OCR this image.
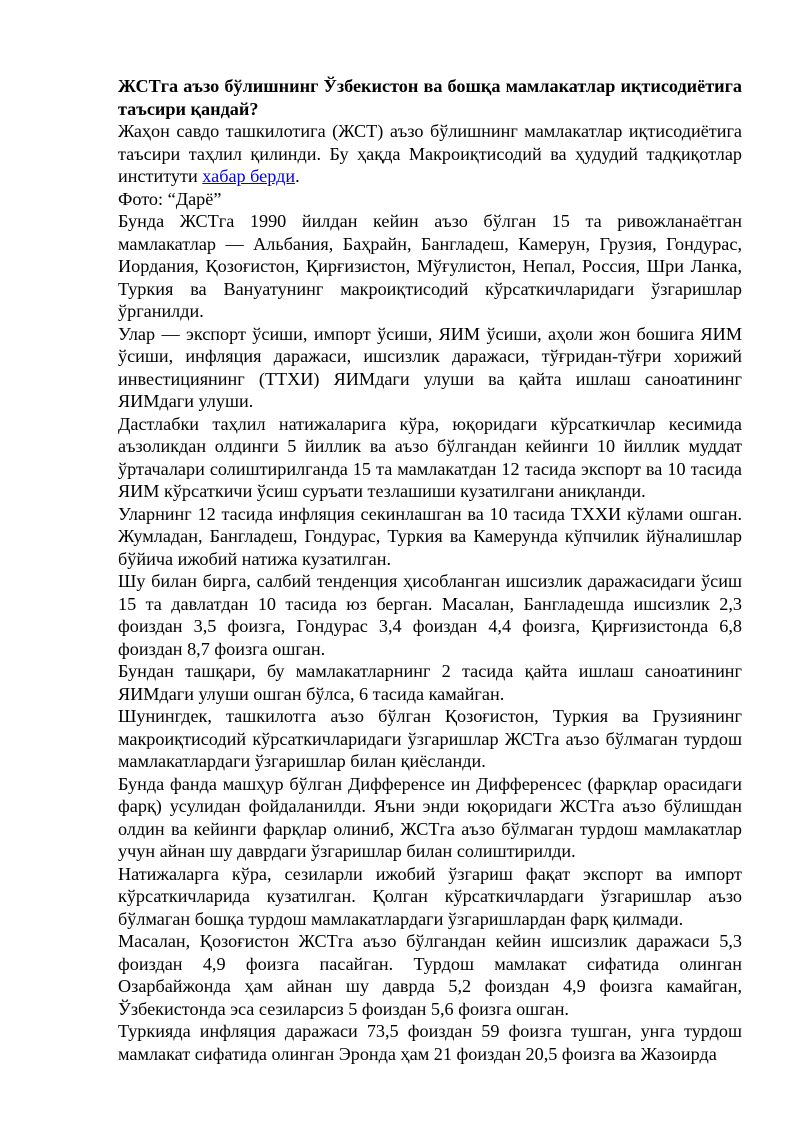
ЖСТга аъзо бўлишнинг Ўзбекистон ва бошқа мамлакатлар иқтисодиётига таъсири қандай?

Жаҳон савдо ташкилотига (ЖСТ) аъзо бўлишнинг мамлакатлар иқтисодиётига таъсири таҳлил қилинди. Бу ҳақда Макроиқтисодий ва ҳудудий тадқиқотлар институти хабар берди.

Фото: “Дарё”

Бунда ЖСТга 1990 йилдан кейин аъзо бўлган 15 та ривожланаётган мамлакатлар — Альбания, Баҳрайн, Бангладеш, Камерун, Грузия, Гондурас, Иордания, Қозоғистон, Қирғизистон, Мўғулистон, Непал, Россия, Шри Ланка, Туркия ва Вануатунинг макроиқтисодий кўрсаткичларидаги ўзгаришлар ўрганилди.

Улар — экспорт ўсиши, импорт ўсиши, ЯИМ ўсиши, аҳоли жон бошига ЯИМ ўсиши, инфляция даражаси, ишсизлик даражаси, тўғридан-тўғри хорижий инвестициянинг (ТТХИ) ЯИМдаги улуши ва қайта ишлаш саноатининг ЯИМдаги улуши.

Дастлабки таҳлил натижаларига кўра, юқоридаги кўрсаткичлар кесимида аъзоликдан олдинги 5 йиллик ва аъзо бўлгандан кейинги 10 йиллик муддат ўртачалари солиштирилганда 15 та мамлакатдан 12 тасида экспорт ва 10 тасида ЯИМ кўрсаткичи ўсиш суръати тезлашиши кузатилгани аниқланди.

Уларнинг 12 тасида инфляция секинлашган ва 10 тасида ТХХИ кўлами ошган. Жумладан, Бангладеш, Гондурас, Туркия ва Камерунда кўпчилик йўналишлар бўйича ижобий натижа кузатилган.

Шу билан бирга, салбий тенденция ҳисобланган ишсизлик даражасидаги ўсиш 15 та давлатдан 10 тасида юз берган. Масалан, Бангладешда ишсизлик 2,3 фоиздан 3,5 фоизга, Гондурас 3,4 фоиздан 4,4 фоизга, Қирғизистонда 6,8 фоиздан 8,7 фоизга ошган.

Бундан ташқари, бу мамлакатларнинг 2 тасида қайта ишлаш саноатининг ЯИМдаги улуши ошган бўлса, 6 тасида камайган.

Шунингдек, ташкилотга аъзо бўлган Қозоғистон, Туркия ва Грузиянинг макроиқтисодий кўрсаткичларидаги ўзгаришлар ЖСТга аъзо бўлмаган турдош мамлакатлардаги ўзгаришлар билан қиёсланди.

Бунда фанда машҳур бўлган Дифференсе ин Дифференсес (фарқлар орасидаги фарқ) усулидан фойдаланилди. Яъни энди юқоридаги ЖСТга аъзо бўлишдан олдин ва кейинги фарқлар олиниб, ЖСТга аъзо бўлмаган турдош мамлакатлар учун айнан шу даврдаги ўзгаришлар билан солиштирилди.

Натижаларга кўра, сезиларли ижобий ўзгариш фақат экспорт ва импорт кўрсаткичларида кузатилган. Қолган кўрсаткичлардаги ўзгаришлар аъзо бўлмаган бошқа турдош мамлакатлардаги ўзгаришлардан фарқ қилмади.

Масалан, Қозоғистон ЖСТга аъзо бўлгандан кейин ишсизлик даражаси 5,3 фоиздан 4,9 фоизга пасайган. Турдош мамлакат сифатида олинган Озарбайжонда ҳам айнан шу даврда 5,2 фоиздан 4,9 фоизга камайган, Ўзбекистонда эса сезиларсиз 5 фоиздан 5,6 фоизга ошган.

Туркияда инфляция даражаси 73,5 фоиздан 59 фоизга тушган, унга турдош мамлакат сифатида олинган Эронда ҳам 21 фоиздан 20,5 фоизга ва Жазоирда
